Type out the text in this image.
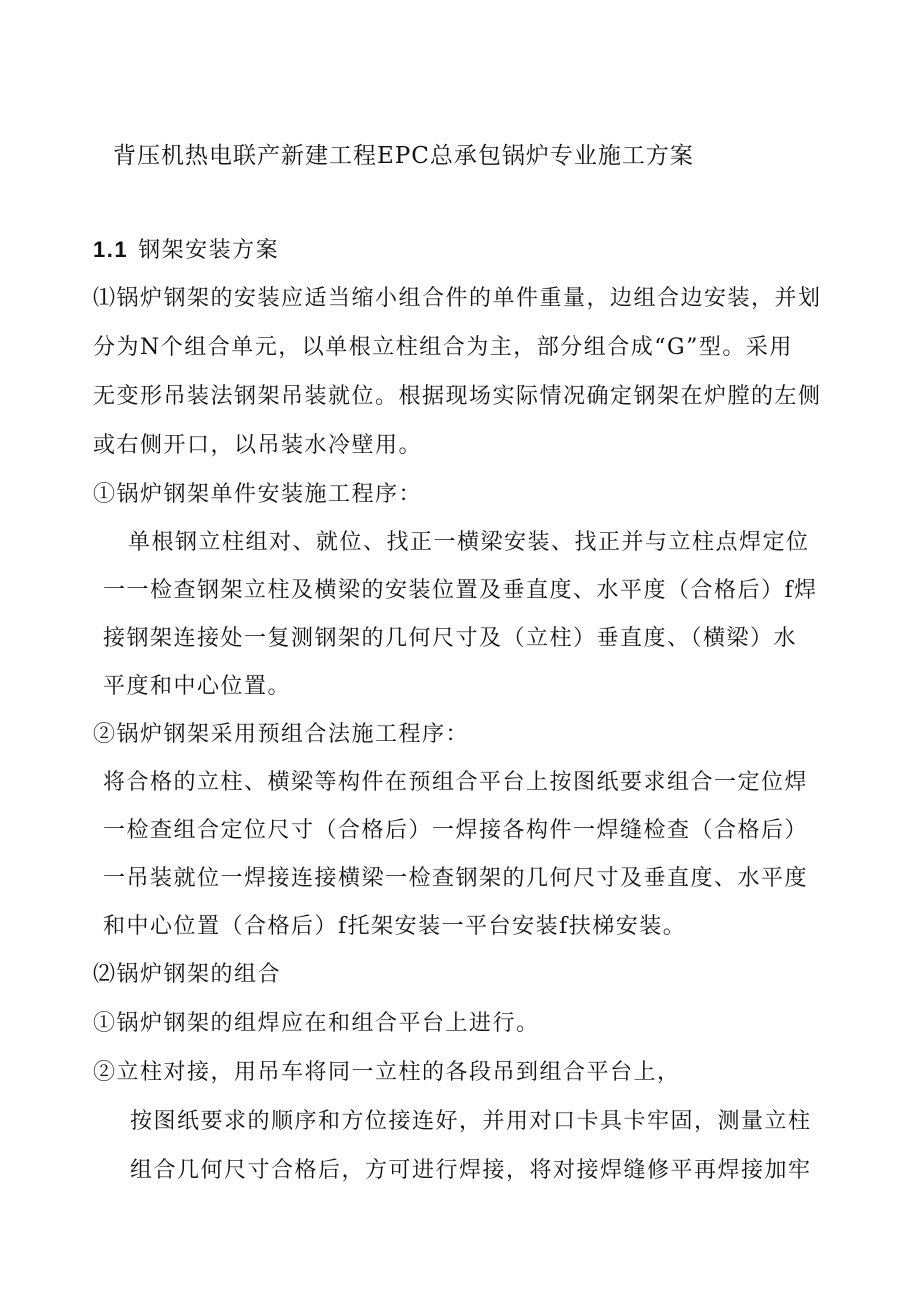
背压机热电联产新建工程EPC总承包锅炉专业施工方案
1.1 钢架安装方案
⑴锅炉钢架的安装应适当缩小组合件的单件重量，边组合边安装，并划
分为N个组合单元，以单根立柱组合为主，部分组合成“G”型。采用
无变形吊装法钢架吊装就位。根据现场实际情况确定钢架在炉膛的左侧
或右侧开口，以吊装水冷壁用。
①锅炉钢架单件安装施工程序：
单根钢立柱组对、就位、找正一横梁安装、找正并与立柱点焊定位
一一检查钢架立柱及横梁的安装位置及垂直度、水平度（合格后）f焊
接钢架连接处一复测钢架的几何尺寸及（立柱）垂直度、（横梁）水
平度和中心位置。
②锅炉钢架采用预组合法施工程序：
将合格的立柱、横梁等构件在预组合平台上按图纸要求组合一定位焊
一检查组合定位尺寸（合格后）一焊接各构件一焊缝检查（合格后）
一吊装就位一焊接连接横梁一检查钢架的几何尺寸及垂直度、水平度
和中心位置（合格后）f托架安装一平台安装f扶梯安装。
⑵锅炉钢架的组合
①锅炉钢架的组焊应在和组合平台上进行。
②立柱对接，用吊车将同一立柱的各段吊到组合平台上，
按图纸要求的顺序和方位接连好，并用对口卡具卡牢固，测量立柱
组合几何尺寸合格后，方可进行焊接，将对接焊缝修平再焊接加牢
